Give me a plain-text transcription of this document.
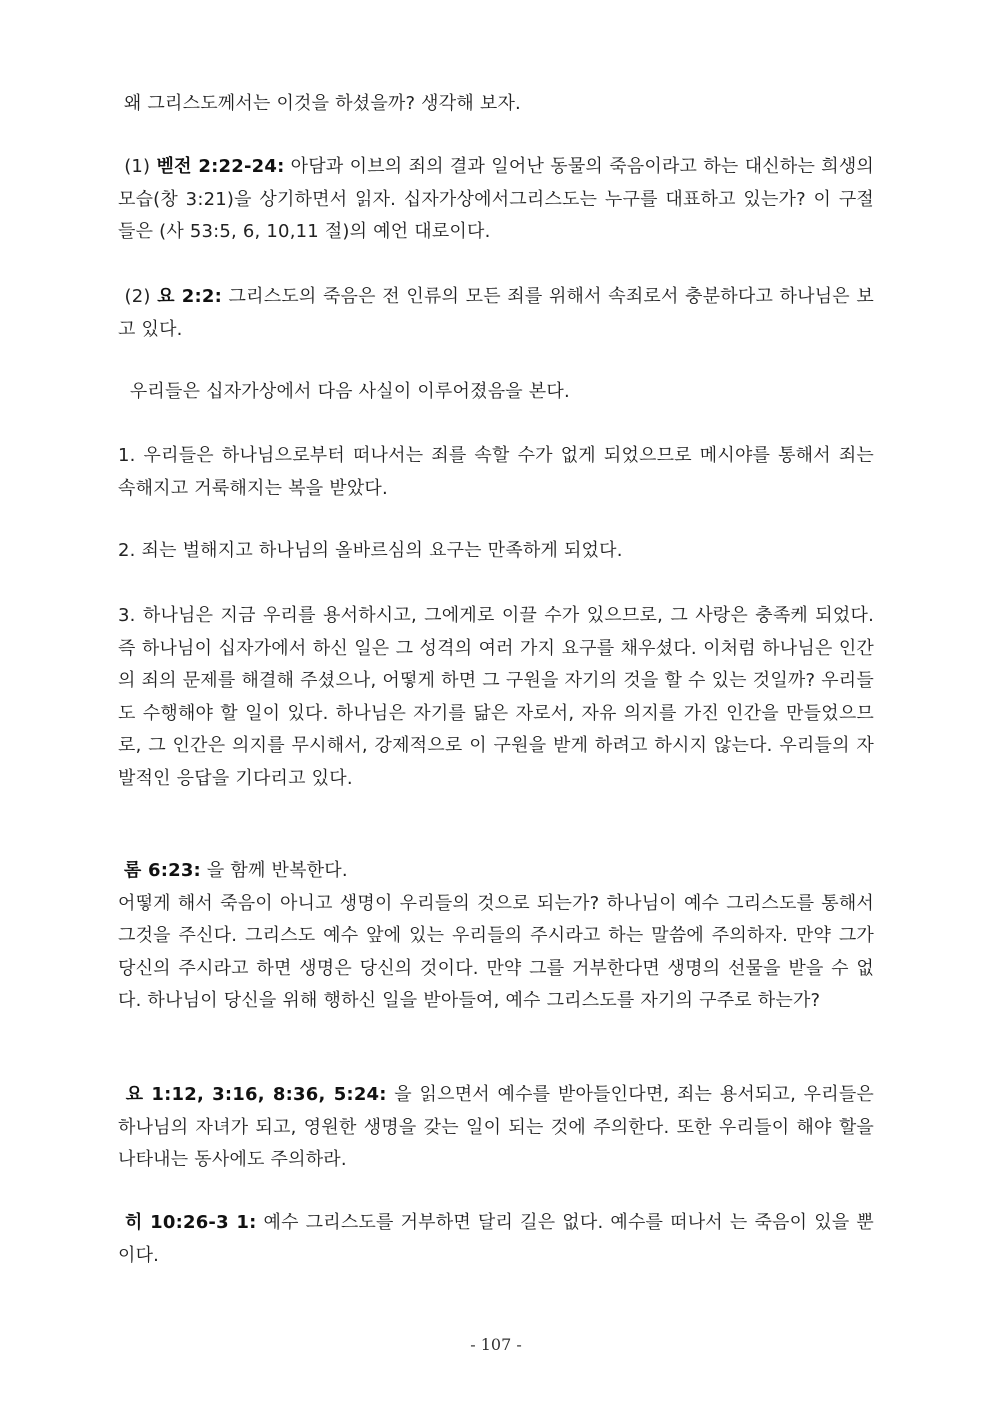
왜 그리스도께서는 이것을 하셨을까? 생각해 보자.
(1) 벧전 2:22-24: 아담과 이브의 죄의 결과 일어난 동물의 죽음이라고 하는 대신하는 희생의 모습(창 3:21)을 상기하면서 읽자. 십자가상에서그리스도는 누구를 대표하고 있는가? 이 구절들은 (사 53:5, 6, 10,11 절)의 예언 대로이다.
(2) 요 2:2: 그리스도의 죽음은 전 인류의 모든 죄를 위해서 속죄로서 충분하다고 하나님은 보고 있다.
우리들은 십자가상에서 다음 사실이 이루어졌음을 본다.
1. 우리들은 하나님으로부터 떠나서는 죄를 속할 수가 없게 되었으므로 메시야를 통해서 죄는 속해지고 거룩해지는 복을 받았다.
2. 죄는 벌해지고 하나님의 올바르심의 요구는 만족하게 되었다.
3. 하나님은 지금 우리를 용서하시고, 그에게로 이끌 수가 있으므로, 그 사랑은 충족케 되었다. 즉 하나님이 십자가에서 하신 일은 그 성격의 여러 가지 요구를 채우셨다. 이처럼 하나님은 인간의 죄의 문제를 해결해 주셨으나, 어떻게 하면 그 구원을 자기의 것을 할 수 있는 것일까? 우리들도 수행해야 할 일이 있다. 하나님은 자기를 닮은 자로서, 자유 의지를 가진 인간을 만들었으므로, 그 인간은 의지를 무시해서, 강제적으로 이 구원을 받게 하려고 하시지 않는다. 우리들의 자발적인 응답을 기다리고 있다.
롬 6:23: 을 함께 반복한다.
어떻게 해서 죽음이 아니고 생명이 우리들의 것으로 되는가? 하나님이 예수 그리스도를 통해서 그것을 주신다. 그리스도 예수 앞에 있는 우리들의 주시라고 하는 말씀에 주의하자. 만약 그가 당신의 주시라고 하면 생명은 당신의 것이다. 만약 그를 거부한다면 생명의 선물을 받을 수 없다. 하나님이 당신을 위해 행하신 일을 받아들여, 예수 그리스도를 자기의 구주로 하는가?
요 1:12, 3:16, 8:36, 5:24: 을 읽으면서 예수를 받아들인다면, 죄는 용서되고, 우리들은 하나님의 자녀가 되고, 영원한 생명을 갖는 일이 되는 것에 주의한다. 또한 우리들이 해야 할을 나타내는 동사에도 주의하라.
히 10:26-3 1: 예수 그리스도를 거부하면 달리 길은 없다. 예수를 떠나서 는 죽음이 있을 뿐이다.
- 107 -
